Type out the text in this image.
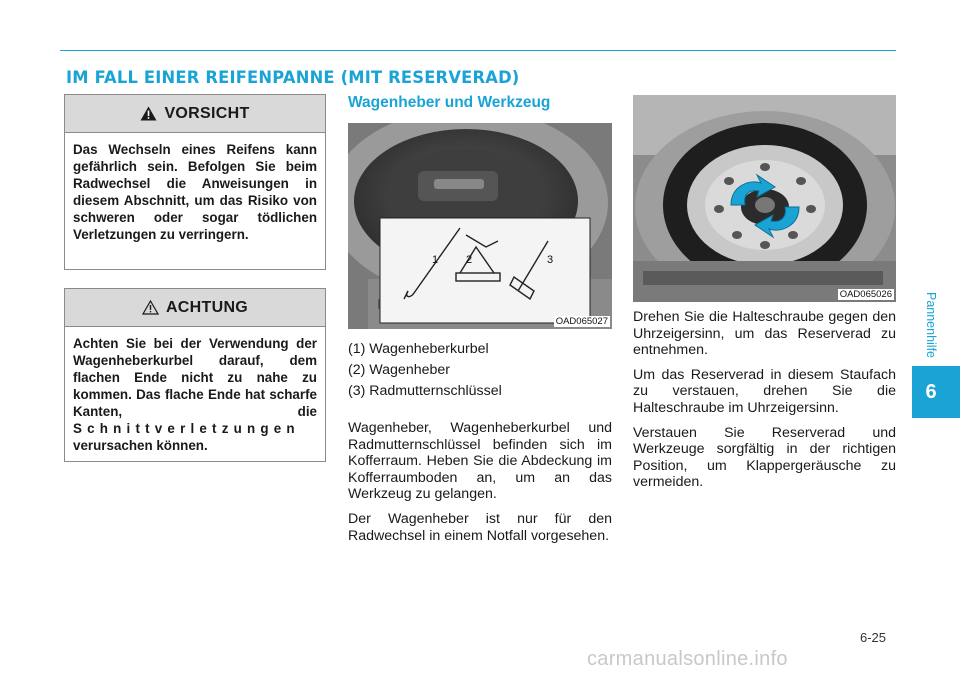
IM FALL EINER REIFENPANNE (MIT RESERVERAD)
Pannenhilfe
6
VORSICHT
Das Wechseln eines Reifens kann gefährlich sein. Befolgen Sie beim Radwechsel die Anweisungen in diesem Abschnitt, um das Risiko von schweren oder sogar tödlichen Verletzungen zu verringern.
ACHTUNG
Achten Sie bei der Verwendung der Wagenheberkurbel darauf, dem flachen Ende nicht zu nahe zu kommen. Das flache Ende hat scharfe Kanten, die Schnittverletzungen verursachen können.
Wagenheber und Werkzeug
1	2	3
OAD065027
(1) Wagenheberkurbel
(2) Wagenheber
(3) Radmutternschlüssel

Wagenheber, Wagenheberkurbel und Radmutternschlüssel befinden sich im Kofferraum. Heben Sie die Abdeckung im Kofferraumboden an, um an das Werkzeug zu gelangen.

Der Wagenheber ist nur für den Radwechsel in einem Notfall vorgesehen.

OAD065026

Drehen Sie die Halteschraube gegen den Uhrzeigersinn, um das Reserverad zu entnehmen.

Um das Reserverad in diesem Staufach zu verstauen, drehen Sie die Halteschraube im Uhrzeigersinn.

Verstauen Sie Reserverad und Werkzeuge sorgfältig in der richtigen Position, um Klappergeräusche zu vermeiden.

6-25
carmanualsonline.info
